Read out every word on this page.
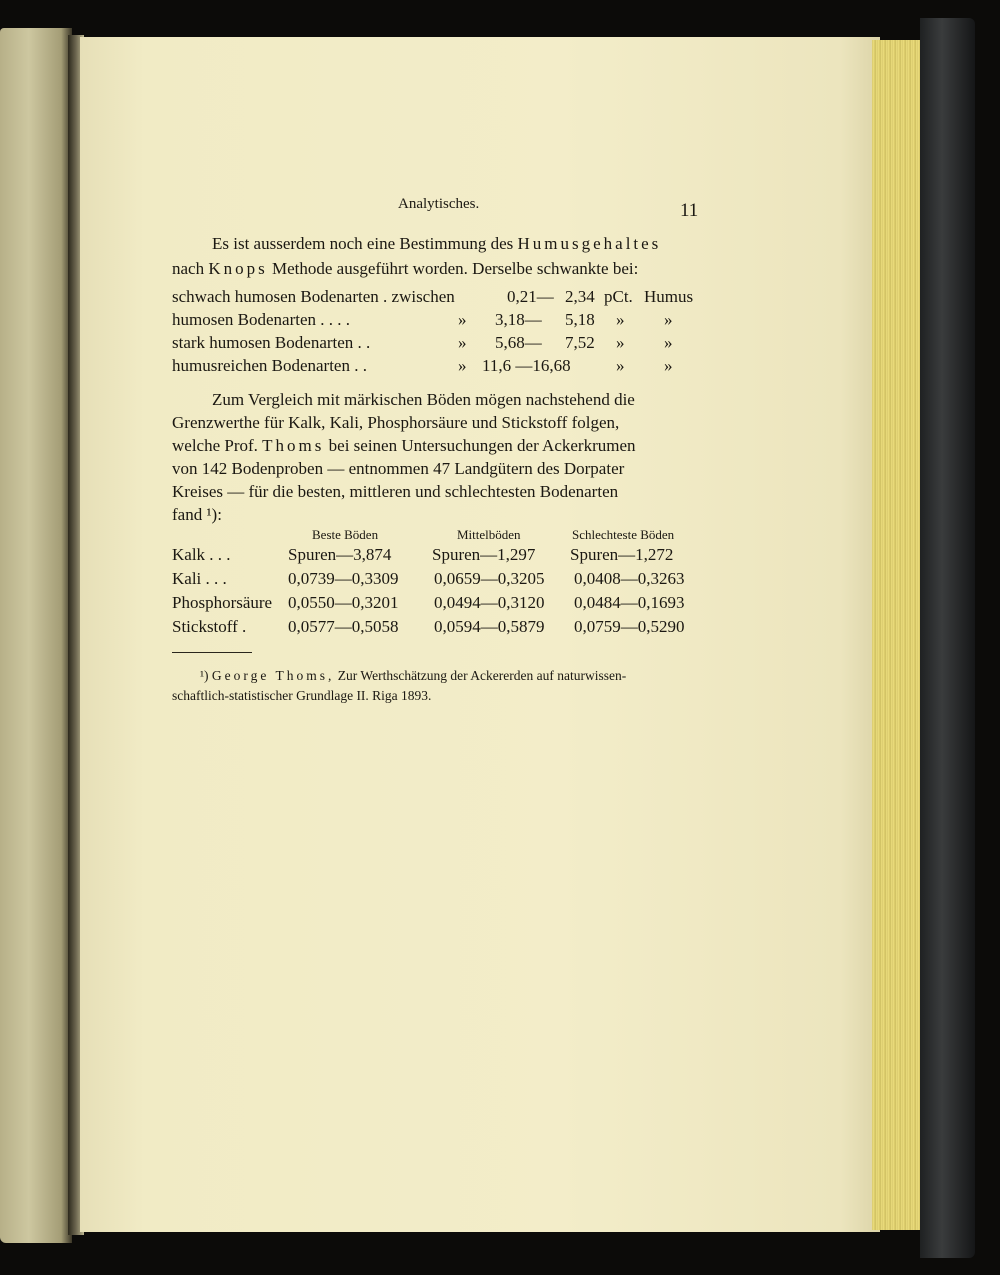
Analytisches.	11
Es ist ausserdem noch eine Bestimmung des Humusgehaltes
nach Knops Methode ausgeführt worden. Derselbe schwankte bei:
schwach humosen Bodenarten . zwischen	0,21— 2,34 pCt. Humus
humosen Bodenarten . . . .	» 3,18— 5,18 » »
stark humosen Bodenarten . .	» 5,68— 7,52 » »
humusreichen Bodenarten . .	» 11,6 —16,68	» »
Zum Vergleich mit märkischen Böden mögen nachstehend die
Grenzwerthe für Kalk, Kali, Phosphorsäure und Stickstoff folgen,
welche Prof. Thoms bei seinen Untersuchungen der Ackerkrumen
von 142 Bodenproben — entnommen 47 Landgütern des Dorpater
Kreises — für die besten, mittleren und schlechtesten Bodenarten
fand ¹):
Beste Böden	Mittelböden	Schlechteste Böden
Kalk . . .	Spuren—3,874 Spuren—1,297 Spuren—1,272
Kali . . .	0,0739—0,3309 0,0659—0,3205 0,0408—0,3263
Phosphorsäure 0,0550—0,3201 0,0494—0,3120 0,0484—0,1693
Stickstoff . 0,0577—0,5058 0,0594—0,5879 0,0759—0,5290
¹) George Thoms, Zur Werthschätzung der Ackererden auf naturwissen-
schaftlich-statistischer Grundlage II. Riga 1893.
